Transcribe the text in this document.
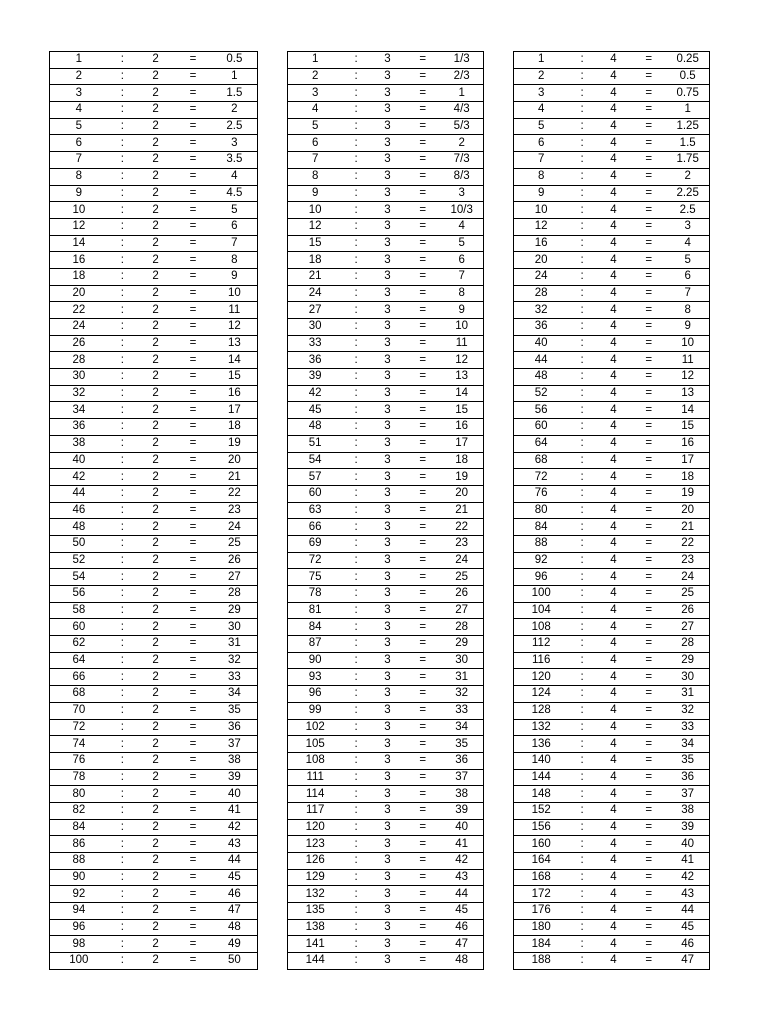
1	:	2	=	0.5
2	:	2	=	1
3	:	2	=	1.5
4	:	2	=	2
5	:	2	=	2.5
6	:	2	=	3
7	:	2	=	3.5
8	:	2	=	4
9	:	2	=	4.5
10	:	2	=	5
12	:	2	=	6
14	:	2	=	7
16	:	2	=	8
18	:	2	=	9
20	:	2	=	10
22	:	2	=	11
24	:	2	=	12
26	:	2	=	13
28	:	2	=	14
30	:	2	=	15
32	:	2	=	16
34	:	2	=	17
36	:	2	=	18
38	:	2	=	19
40	:	2	=	20
42	:	2	=	21
44	:	2	=	22
46	:	2	=	23
48	:	2	=	24
50	:	2	=	25
52	:	2	=	26
54	:	2	=	27
56	:	2	=	28
58	:	2	=	29
60	:	2	=	30
62	:	2	=	31
64	:	2	=	32
66	:	2	=	33
68	:	2	=	34
70	:	2	=	35
72	:	2	=	36
74	:	2	=	37
76	:	2	=	38
78	:	2	=	39
80	:	2	=	40
82	:	2	=	41
84	:	2	=	42
86	:	2	=	43
88	:	2	=	44
90	:	2	=	45
92	:	2	=	46
94	:	2	=	47
96	:	2	=	48
98	:	2	=	49
100	:	2	=	50
1	:	3	=	1/3
2	:	3	=	2/3
3	:	3	=	1
4	:	3	=	4/3
5	:	3	=	5/3
6	:	3	=	2
7	:	3	=	7/3
8	:	3	=	8/3
9	:	3	=	3
10	:	3	=	10/3
12	:	3	=	4
15	:	3	=	5
18	:	3	=	6
21	:	3	=	7
24	:	3	=	8
27	:	3	=	9
30	:	3	=	10
33	:	3	=	11
36	:	3	=	12
39	:	3	=	13
42	:	3	=	14
45	:	3	=	15
48	:	3	=	16
51	:	3	=	17
54	:	3	=	18
57	:	3	=	19
60	:	3	=	20
63	:	3	=	21
66	:	3	=	22
69	:	3	=	23
72	:	3	=	24
75	:	3	=	25
78	:	3	=	26
81	:	3	=	27
84	:	3	=	28
87	:	3	=	29
90	:	3	=	30
93	:	3	=	31
96	:	3	=	32
99	:	3	=	33
102	:	3	=	34
105	:	3	=	35
108	:	3	=	36
111	:	3	=	37
114	:	3	=	38
117	:	3	=	39
120	:	3	=	40
123	:	3	=	41
126	:	3	=	42
129	:	3	=	43
132	:	3	=	44
135	:	3	=	45
138	:	3	=	46
141	:	3	=	47
144	:	3	=	48
1	:	4	=	0.25
2	:	4	=	0.5
3	:	4	=	0.75
4	:	4	=	1
5	:	4	=	1.25
6	:	4	=	1.5
7	:	4	=	1.75
8	:	4	=	2
9	:	4	=	2.25
10	:	4	=	2.5
12	:	4	=	3
16	:	4	=	4
20	:	4	=	5
24	:	4	=	6
28	:	4	=	7
32	:	4	=	8
36	:	4	=	9
40	:	4	=	10
44	:	4	=	11
48	:	4	=	12
52	:	4	=	13
56	:	4	=	14
60	:	4	=	15
64	:	4	=	16
68	:	4	=	17
72	:	4	=	18
76	:	4	=	19
80	:	4	=	20
84	:	4	=	21
88	:	4	=	22
92	:	4	=	23
96	:	4	=	24
100	:	4	=	25
104	:	4	=	26
108	:	4	=	27
112	:	4	=	28
116	:	4	=	29
120	:	4	=	30
124	:	4	=	31
128	:	4	=	32
132	:	4	=	33
136	:	4	=	34
140	:	4	=	35
144	:	4	=	36
148	:	4	=	37
152	:	4	=	38
156	:	4	=	39
160	:	4	=	40
164	:	4	=	41
168	:	4	=	42
172	:	4	=	43
176	:	4	=	44
180	:	4	=	45
184	:	4	=	46
188	:	4	=	47
